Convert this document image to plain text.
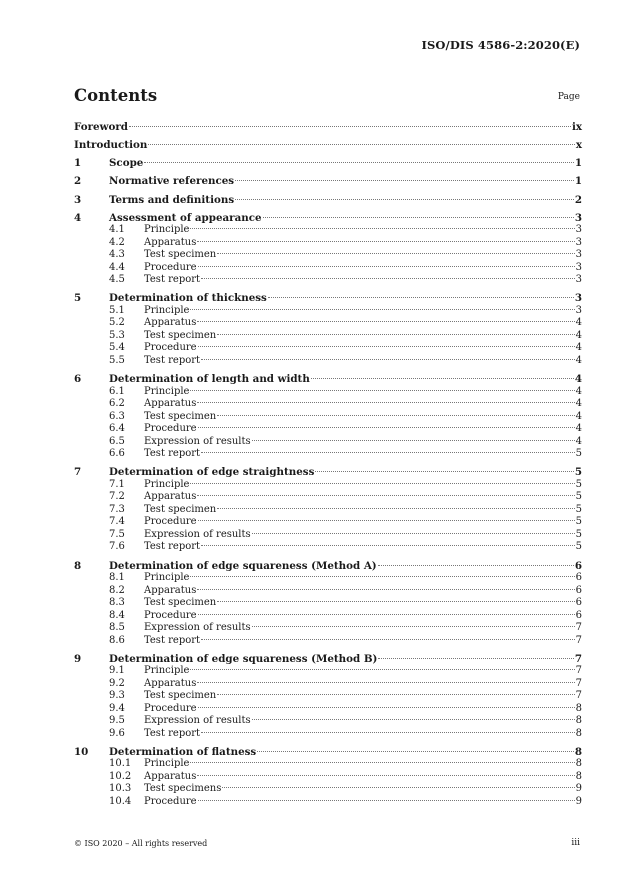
ISO/DIS 4586-2:2020(E)
Contents	Page
Foreword	ix
Introduction	x
1	Scope	1
2	Normative references	1
3	Terms and definitions	2
4	Assessment of appearance	3
4.1	Principle	3
4.2	Apparatus	3
4.3	Test specimen	3
4.4	Procedure	3
4.5	Test report	3
5	Determination of thickness	3
5.1	Principle	3
5.2	Apparatus	4
5.3	Test specimen	4
5.4	Procedure	4
5.5	Test report	4
6	Determination of length and width	4
6.1	Principle	4
6.2	Apparatus	4
6.3	Test specimen	4
6.4	Procedure	4
6.5	Expression of results	4
6.6	Test report	5
7	Determination of edge straightness	5
7.1	Principle	5
7.2	Apparatus	5
7.3	Test specimen	5
7.4	Procedure	5
7.5	Expression of results	5
7.6	Test report	5
8	Determination of edge squareness (Method A)	6
8.1	Principle	6
8.2	Apparatus	6
8.3	Test specimen	6
8.4	Procedure	6
8.5	Expression of results	7
8.6	Test report	7
9	Determination of edge squareness (Method B)	7
9.1	Principle	7
9.2	Apparatus	7
9.3	Test specimen	7
9.4	Procedure	8
9.5	Expression of results	8
9.6	Test report	8
10	Determination of flatness	8
10.1	Principle	8
10.2	Apparatus	8
10.3	Test specimens	9
10.4	Procedure	9
© ISO 2020 – All rights reserved	iii
